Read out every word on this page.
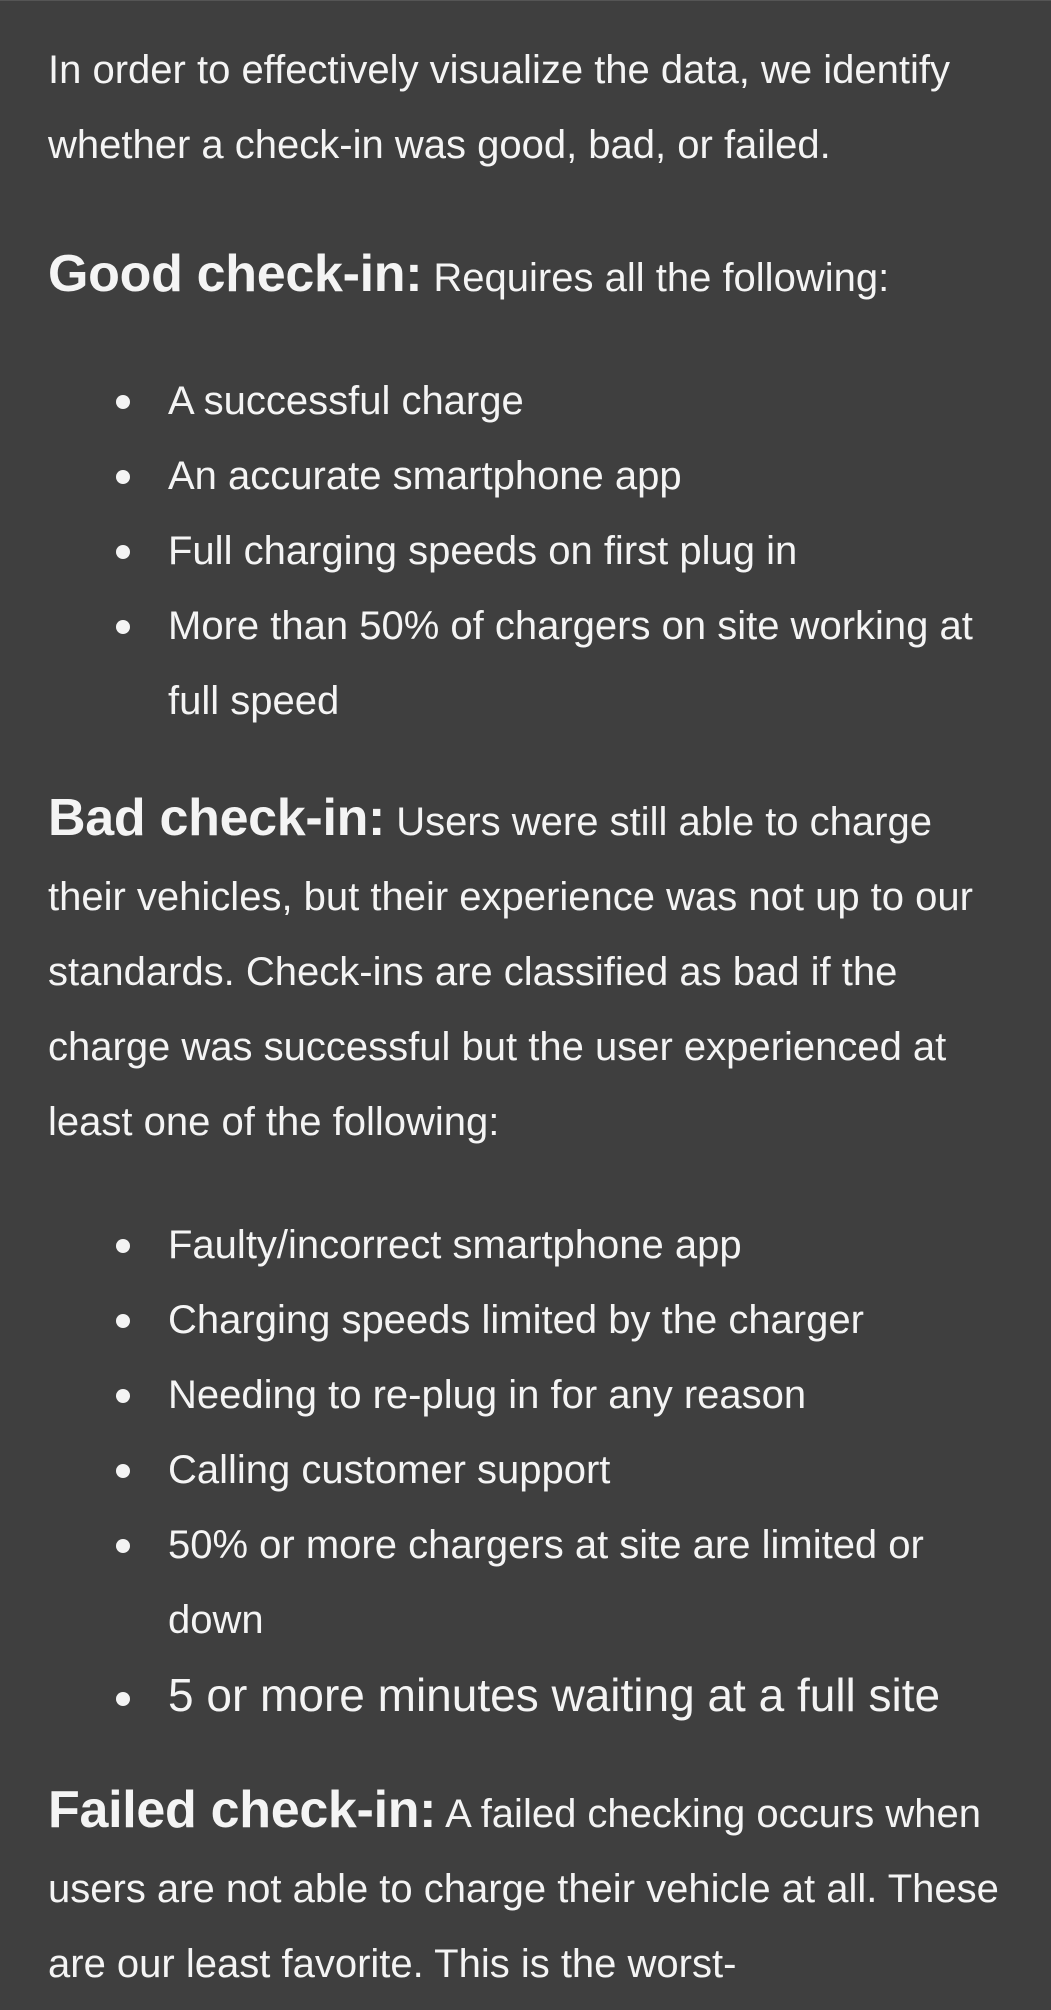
In order to effectively visualize the data, we identify whether a check-in was good, bad, or failed.

Good check-in: Requires all the following:

A successful charge
An accurate smartphone app
Full charging speeds on first plug in
More than 50% of chargers on site working at full speed

Bad check-in: Users were still able to charge their vehicles, but their experience was not up to our standards. Check-ins are classified as bad if the charge was successful but the user experienced at least one of the following:

Faulty/incorrect smartphone app
Charging speeds limited by the charger
Needing to re-plug in for any reason
Calling customer support
50% or more chargers at site are limited or down
5 or more minutes waiting at a full site

Failed check-in: A failed checking occurs when users are not able to charge their vehicle at all. These are our least favorite. This is the worst-
